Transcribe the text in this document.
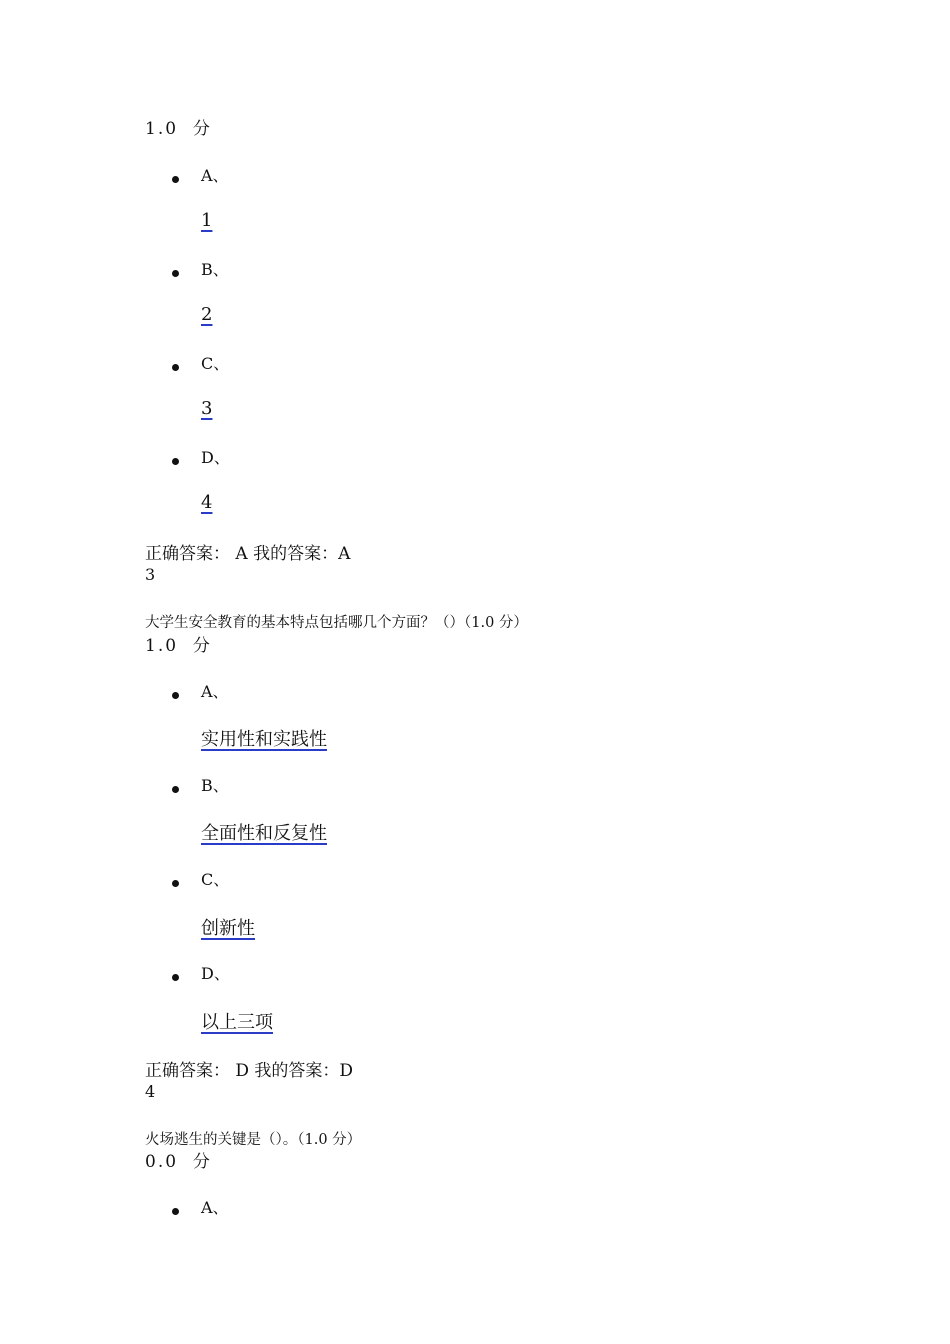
1.0  分
A、
1
B、
2
C、
3
D、
4
正确答案： A 我的答案：A
3
大学生安全教育的基本特点包括哪几个方面？（）（1.0 分）
1.0  分
A、
实用性和实践性
B、
全面性和反复性
C、
创新性
D、
以上三项
正确答案： D 我的答案：D
4
火场逃生的关键是（）。（1.0 分）
0.0  分
A、
